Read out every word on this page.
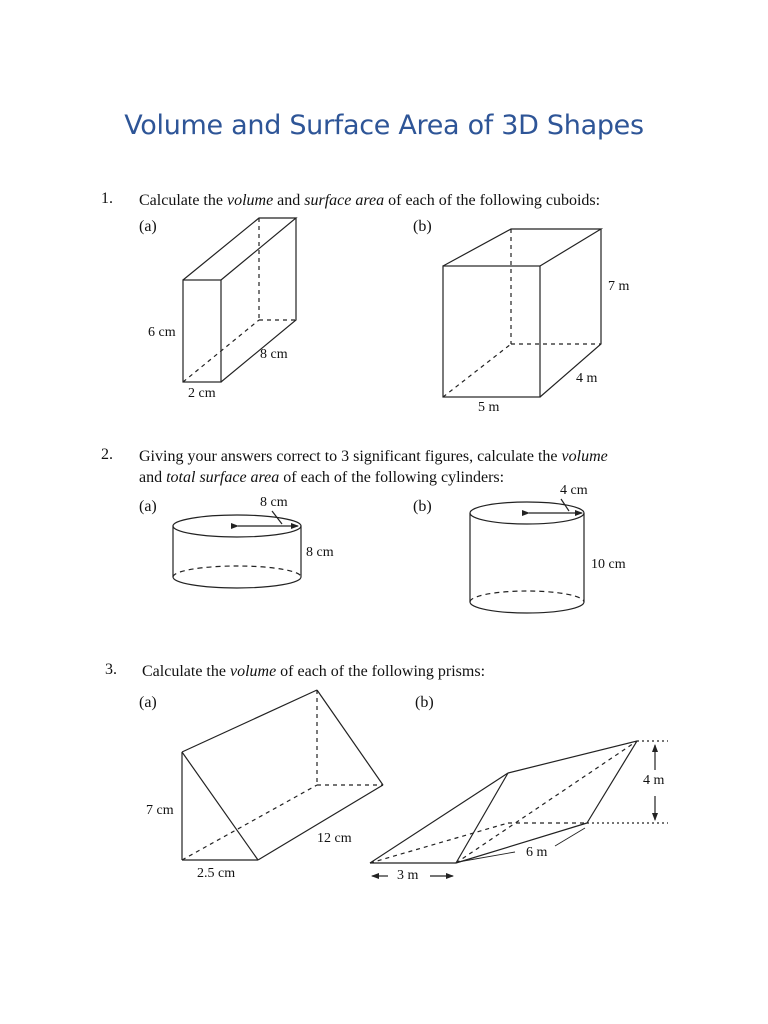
Volume and Surface Area of 3D Shapes
1. Calculate the volume and surface area of each of the following cuboids:
(a)	(b)
2. Giving your answers correct to 3 significant figures, calculate the volume
and total surface area of each of the following cylinders:
(a)	(b)
3. Calculate the volume of each of the following prisms:
(a)	(b)
6 cm
8 cm
2 cm
7 m
4 m
5 m
8 cm
8 cm
4 cm
10 cm
7 cm
12 cm
2.5 cm
4 m
6 m
3 m
